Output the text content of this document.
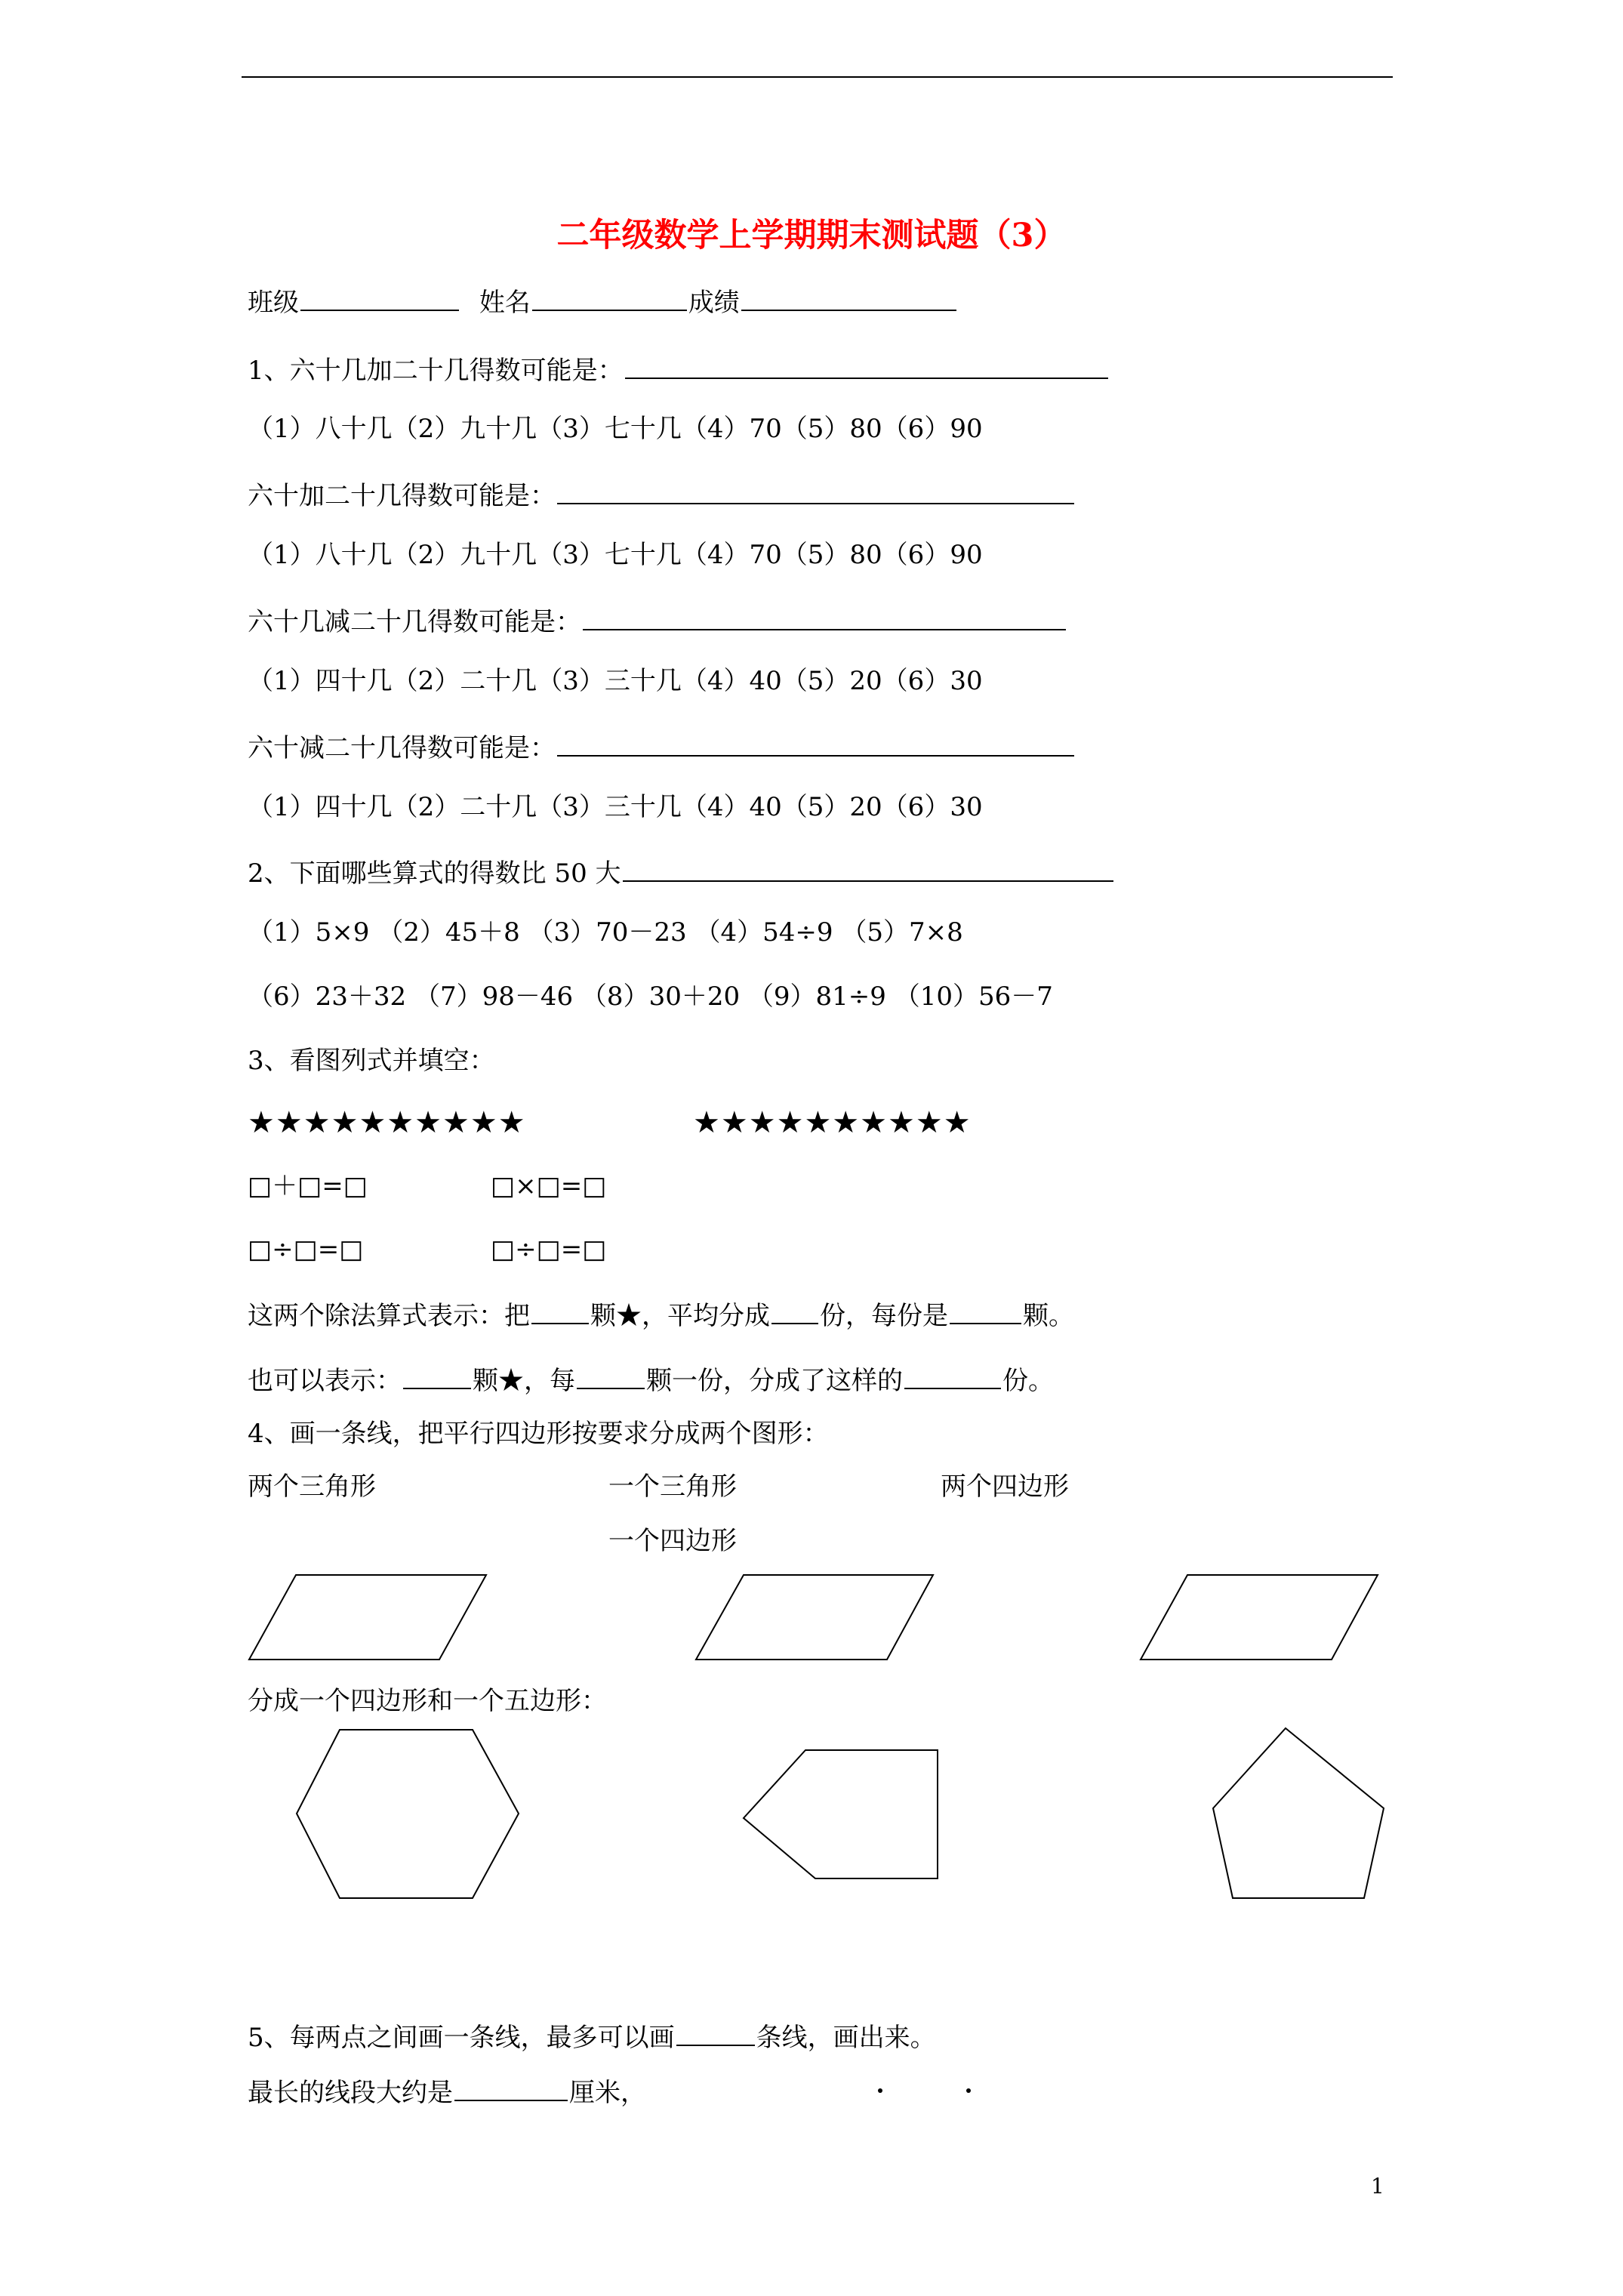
二年级数学上学期期末测试题（3）
班级	姓名	成绩
1、六十几加二十几得数可能是：
（1）八十几（2）九十几（3）七十几（4）70（5）80（6）90
六十加二十几得数可能是：
（1）八十几（2）九十几（3）七十几（4）70（5）80（6）90
六十几减二十几得数可能是：
（1）四十几（2）二十几（3）三十几（4）40（5）20（6）30
六十减二十几得数可能是：
（1）四十几（2）二十几（3）三十几（4）40（5）20（6）30
2、下面哪些算式的得数比 50 大
（1）5×9 （2）45＋8 （3）70－23 （4）54÷9 （5）7×8
（6）23＋32 （7）98－46 （8）30＋20 （9）81÷9 （10）56－7
3、看图列式并填空：
★★★★★★★★★★	★★★★★★★★★★
□＋□=□	□×□=□
□÷□=□	□÷□=□
这两个除法算式表示：把 颗★，平均分成 份，每份是	颗。
也可以表示：	颗★，每	颗一份，分成了这样的	份。
4、画一条线，把平行四边形按要求分成两个图形：
两个三角形	一个三角形
一个四边形
两个四边形
分成一个四边形和一个五边形：
5、每两点之间画一条线，最多可以画	条线，画出来。
最长的线段大约是	厘米，
1
